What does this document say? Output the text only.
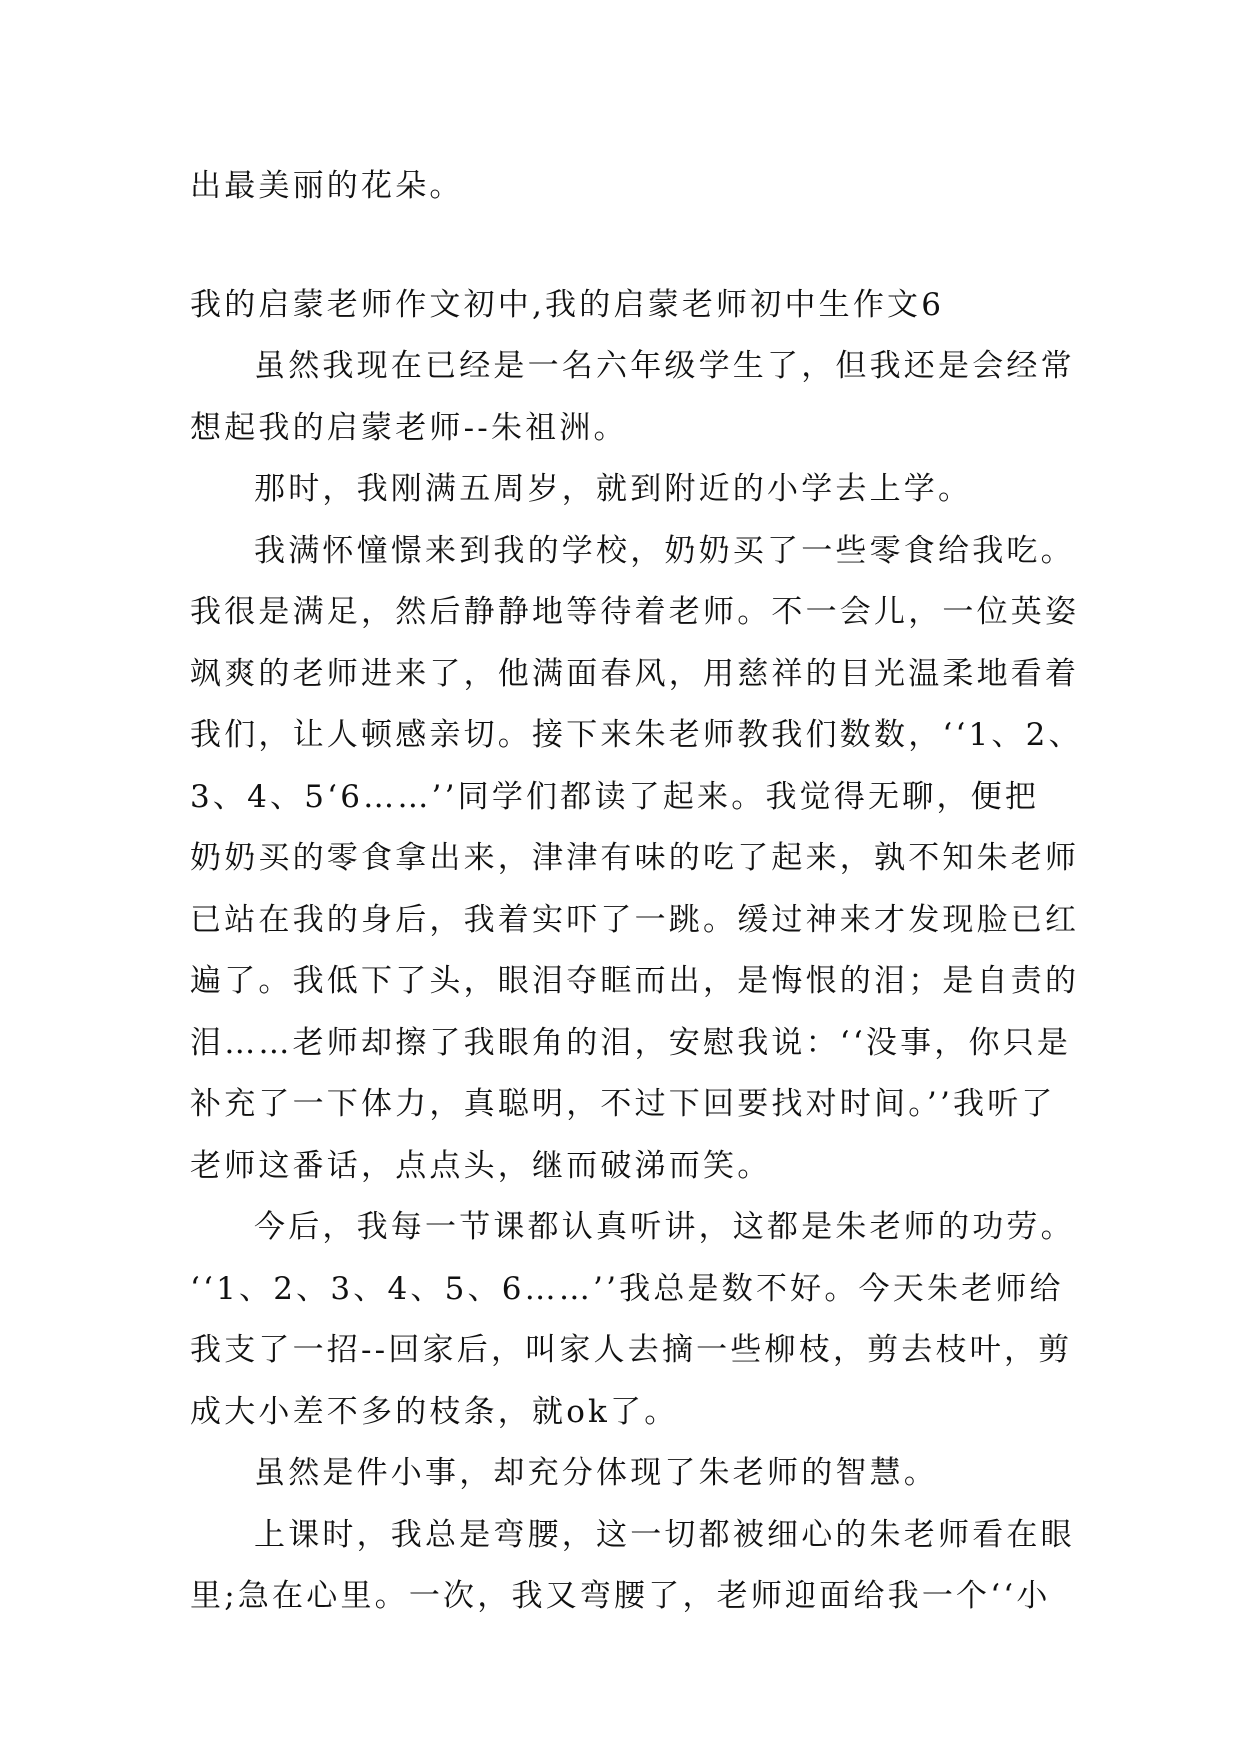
出最美丽的花朵。
我的启蒙老师作文初中,我的启蒙老师初中生作文6
虽然我现在已经是一名六年级学生了，但我还是会经常
想起我的启蒙老师--朱祖洲。
那时，我刚满五周岁，就到附近的小学去上学。
我满怀憧憬来到我的学校，奶奶买了一些零食给我吃。
我很是满足，然后静静地等待着老师。不一会儿，一位英姿
飒爽的老师进来了，他满面春风，用慈祥的目光温柔地看着
我们，让人顿感亲切。接下来朱老师教我们数数，‘‘1、2、
3、4、5‘6……’’同学们都读了起来。我觉得无聊，便把
奶奶买的零食拿出来，津津有味的吃了起来，孰不知朱老师
已站在我的身后，我着实吓了一跳。缓过神来才发现脸已红
遍了。我低下了头，眼泪夺眶而出，是悔恨的泪；是自责的
泪……老师却擦了我眼角的泪，安慰我说：‘‘没事，你只是
补充了一下体力，真聪明，不过下回要找对时间。’’我听了
老师这番话，点点头，继而破涕而笑。
今后，我每一节课都认真听讲，这都是朱老师的功劳。
‘‘1、2、3、4、5、6……’’我总是数不好。今天朱老师给
我支了一招--回家后，叫家人去摘一些柳枝，剪去枝叶，剪
成大小差不多的枝条，就ok了。
虽然是件小事，却充分体现了朱老师的智慧。
上课时，我总是弯腰，这一切都被细心的朱老师看在眼
里;急在心里。一次，我又弯腰了，老师迎面给我一个‘‘小
